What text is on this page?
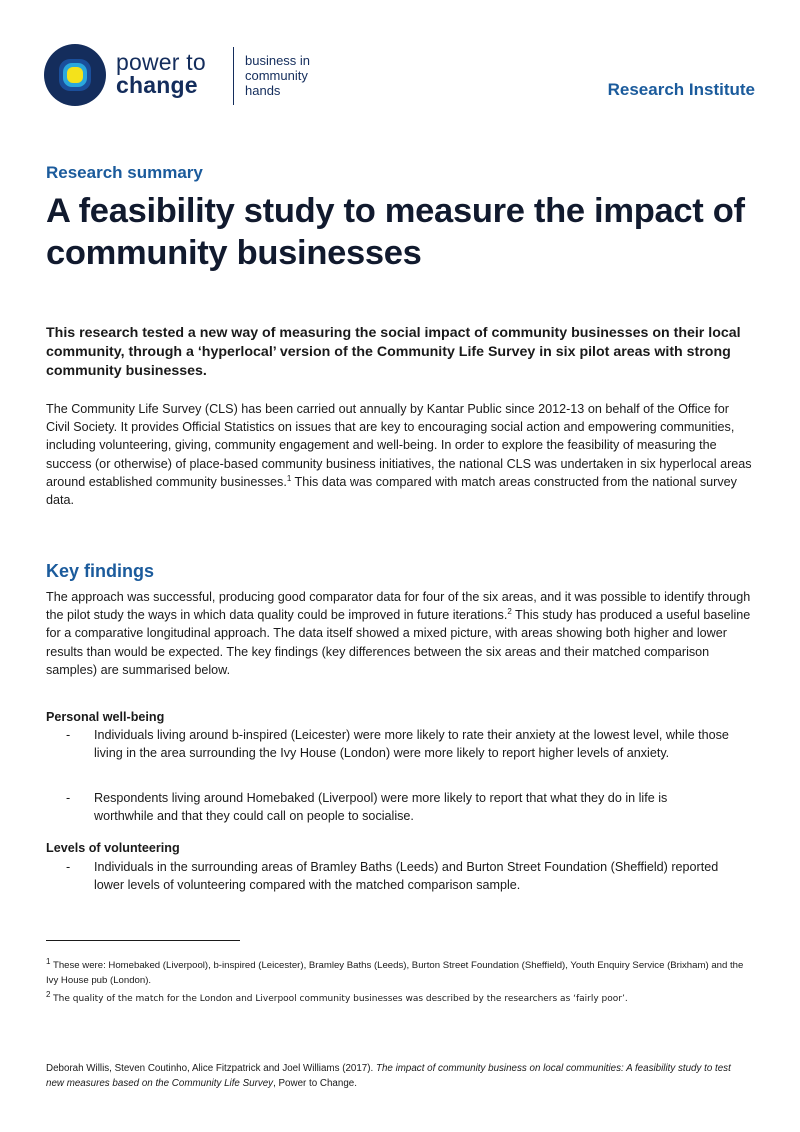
power to
change
business in
community
hands	Research Institute
Research summary
A feasibility study to measure the impact of community businesses
This research tested a new way of measuring the social impact of community businesses on their local community, through a ‘hyperlocal’ version of the Community Life Survey in six pilot areas with strong community businesses.
The Community Life Survey (CLS) has been carried out annually by Kantar Public since 2012-13 on behalf of the Office for Civil Society. It provides Official Statistics on issues that are key to encouraging social action and empowering communities, including volunteering, giving, community engagement and well-being. In order to explore the feasibility of measuring the success (or otherwise) of place-based community business initiatives, the national CLS was undertaken in six hyperlocal areas around established community businesses.$^1$ This data was compared with match areas constructed from the national survey data.
Key findings
The approach was successful, producing good comparator data for four of the six areas, and it was possible to identify through the pilot study the ways in which data quality could be improved in future iterations.$^2$ This study has produced a useful baseline for a comparative longitudinal approach. The data itself showed a mixed picture, with areas showing both higher and lower results than would be expected. The key findings (key differences between the six areas and their matched comparison samples) are summarised below.
Personal well-being
- Individuals living around b-inspired (Leicester) were more likely to rate their anxiety at the lowest level, while those living in the area surrounding the Ivy House (London) were more likely to report higher levels of anxiety.
- Respondents living around Homebaked (Liverpool) were more likely to report that what they do in life is worthwhile and that they could call on people to socialise.
Levels of volunteering
- Individuals in the surrounding areas of Bramley Baths (Leeds) and Burton Street Foundation (Sheffield) reported lower levels of volunteering compared with the matched comparison sample.
$^1$ These were: Homebaked (Liverpool), b-inspired (Leicester), Bramley Baths (Leeds), Burton Street Foundation (Sheffield), Youth Enquiry Service (Brixham) and the Ivy House pub (London).
$^2$ The quality of the match for the London and Liverpool community businesses was described by the researchers as ‘fairly poor’.
Deborah Willis, Steven Coutinho, Alice Fitzpatrick and Joel Williams (2017). The impact of community business on local communities: A feasibility study to test new measures based on the Community Life Survey, Power to Change.
